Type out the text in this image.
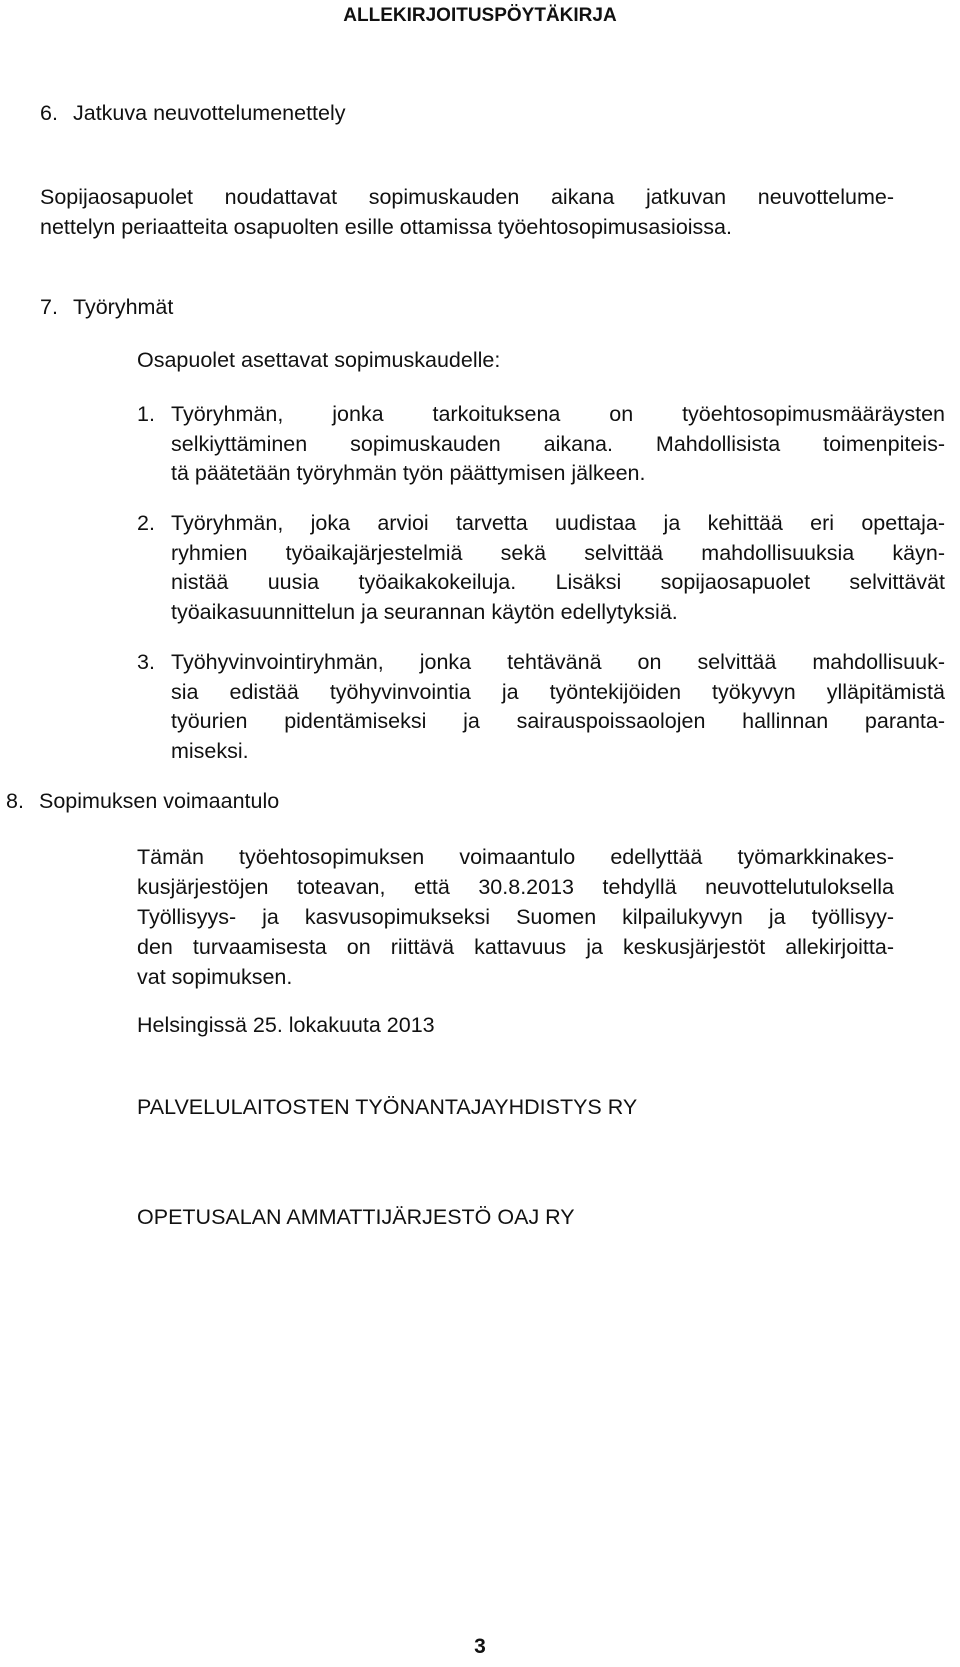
ALLEKIRJOITUSPÖYTÄKIRJA
6. Jatkuva neuvottelumenettely
Sopijaosapuolet noudattavat sopimuskauden aikana jatkuvan neuvottelume-
nettelyn periaatteita osapuolten esille ottamissa työehtosopimusasioissa.
7. Työryhmät
Osapuolet asettavat sopimuskaudelle:
1. Työryhmän, jonka tarkoituksena on työehtosopimusmääräysten
selkiyttäminen sopimuskauden aikana. Mahdollisista toimenpiteis-
tä päätetään työryhmän työn päättymisen jälkeen.
2. Työryhmän, joka arvioi tarvetta uudistaa ja kehittää eri opettaja-
ryhmien työaikajärjestelmiä sekä selvittää mahdollisuuksia käyn-
nistää uusia työaikakokeiluja. Lisäksi sopijaosapuolet selvittävät
työaikasuunnittelun ja seurannan käytön edellytyksiä.
3. Työhyvinvointiryhmän, jonka tehtävänä on selvittää mahdollisuuk-
sia edistää työhyvinvointia ja työntekijöiden työkyvyn ylläpitämistä
työurien pidentämiseksi ja sairauspoissaolojen hallinnan paranta-
miseksi.
8. Sopimuksen voimaantulo
Tämän työehtosopimuksen voimaantulo edellyttää työmarkkinakes-
kusjärjestöjen toteavan, että 30.8.2013 tehdyllä neuvottelutuloksella
Työllisyys- ja kasvusopimukseksi Suomen kilpailukyvyn ja työllisyy-
den turvaamisesta on riittävä kattavuus ja keskusjärjestöt allekirjoitta-
vat sopimuksen.
Helsingissä 25. lokakuuta 2013
PALVELULAITOSTEN TYÖNANTAJAYHDISTYS RY
OPETUSALAN AMMATTIJÄRJESTÖ OAJ RY
3
